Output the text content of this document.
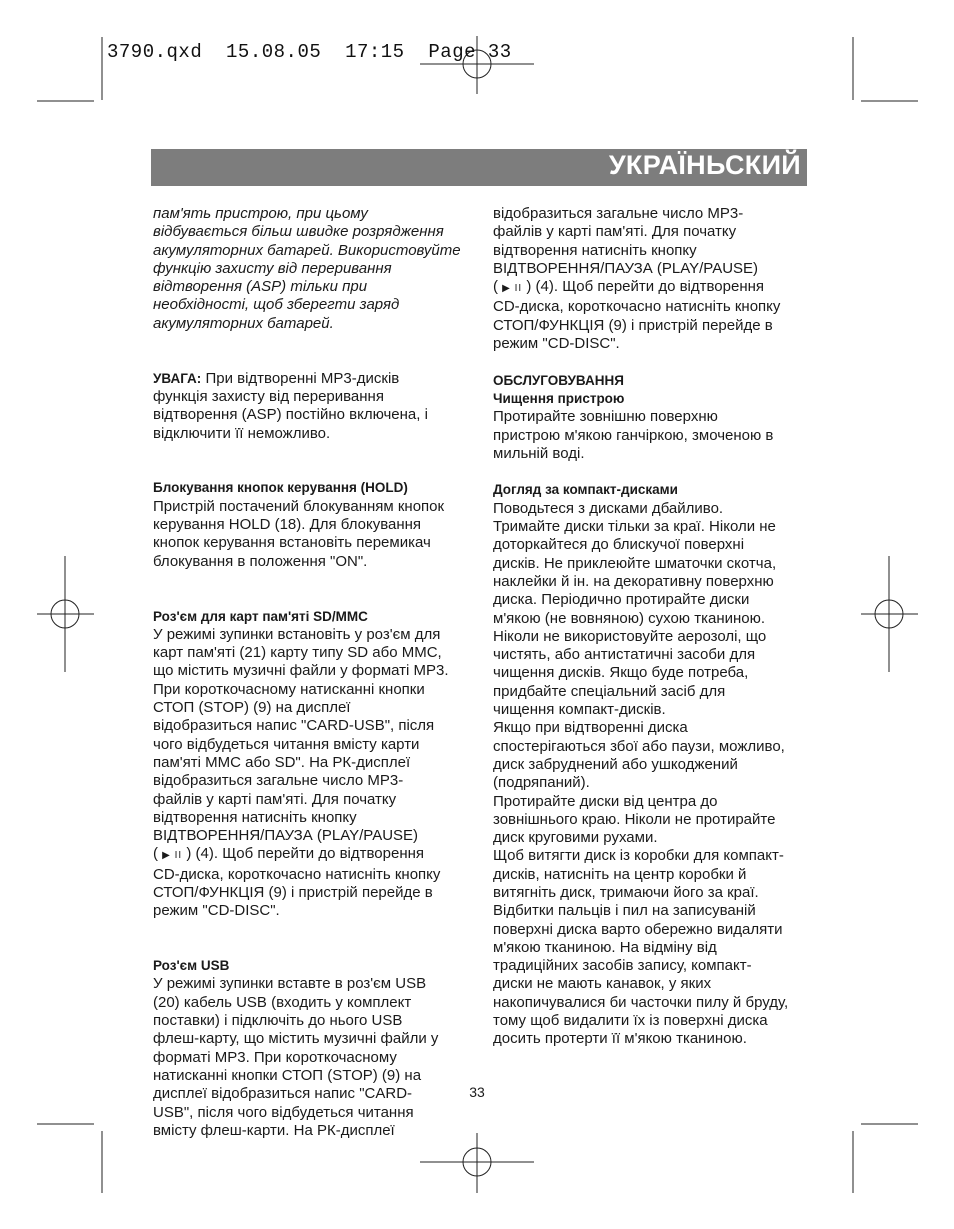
3790.qxd 15.08.05 17:15 Page 33
УКРАЇНЬСКИЙ

пам'ять пристрою, при цьому

відбувається більш швидке розрядження

акумуляторних батарей. Використовуйте

функцію захисту від переривання

відтворення (ASP) тільки при

необхідності, щоб зберегти заряд

акумуляторних батарей.

УВАГА: При відтворенні MP3-дисків

функція захисту від переривання

відтворення (ASP) постійно включена, і

відключити її неможливо.

Блокування кнопок керування (HOLD)

Пристрій постачений блокуванням кнопок

керування HOLD (18). Для блокування

кнопок керування встановіть перемикач

блокування в положення "ON".

Роз'єм для карт пам'яті SD/MMC

У режимі зупинки встановіть у роз'єм для

карт пам'яті (21) карту типу SD або MMC,

що містить музичні файли у форматі MP3.

При короткочасному натисканні кнопки

СТОП (STOP) (9) на дисплеї

відобразиться напис "CARD-USB", після

чого відбудеться читання вмісту карти

пам'яті MMC або SD". На РК-дисплеї

відобразиться загальне число MP3-

файлів у карті пам'яті. Для початку

відтворення натисніть кнопку

ВІДТВОРЕННЯ/ПАУЗА (PLAY/PAUSE)

( ▶ II ) (4). Щоб перейти до відтворення

CD-диска, короткочасно натисніть кнопку

СТОП/ФУНКЦІЯ (9) і пристрій перейде в

режим "CD-DISC".

Роз'єм USB

У режимі зупинки вставте в роз'єм USB

(20) кабель USB (входить у комплект

поставки) і підключіть до нього USB

флеш-карту, що містить музичні файли у

форматі MP3. При короткочасному

натисканні кнопки СТОП (STOP) (9) на

дисплеї відобразиться напис "CARD-

USB", після чого відбудеться читання

вмісту флеш-карти. На РК-дисплеї

відобразиться загальне число MP3-

файлів у карті пам'яті. Для початку

відтворення натисніть кнопку

ВІДТВОРЕННЯ/ПАУЗА (PLAY/PAUSE)

( ▶ II ) (4). Щоб перейти до відтворення

CD-диска, короткочасно натисніть кнопку

СТОП/ФУНКЦІЯ (9) і пристрій перейде в

режим "CD-DISC".

ОБСЛУГОВУВАННЯ

Чищення пристрою

Протирайте зовнішню поверхню

пристрою м'якою ганчіркою, змоченою в

мильній воді.

Догляд за компакт-дисками

Поводьтеся з дисками дбайливо.

Тримайте диски тільки за краї. Ніколи не

доторкайтеся до блискучої поверхні

дисків. Не приклеюйте шматочки скотча,

наклейки й ін. на декоративну поверхню

диска. Періодично протирайте диски

м'якою (не вовняною) сухою тканиною.

Ніколи не використовуйте аерозолі, що

чистять, або антистатичні засоби для

чищення дисків. Якщо буде потреба,

придбайте спеціальний засіб для

чищення компакт-дисків.

Якщо при відтворенні диска

спостерігаються збої або паузи, можливо,

диск забруднений або ушкоджений

(подряпаний).

Протирайте диски від центра до

зовнішнього краю. Ніколи не протирайте

диск круговими рухами.

Щоб витягти диск із коробки для компакт-

дисків, натисніть на центр коробки й

витягніть диск, тримаючи його за краї.

Відбитки пальців і пил на записуваній

поверхні диска варто обережно видаляти

м'якою тканиною. На відміну від

традиційних засобів запису, компакт-

диски не мають канавок, у яких

накопичувалися би часточки пилу й бруду,

тому щоб видалити їх із поверхні диска

досить протерти її м'якою тканиною.

33
